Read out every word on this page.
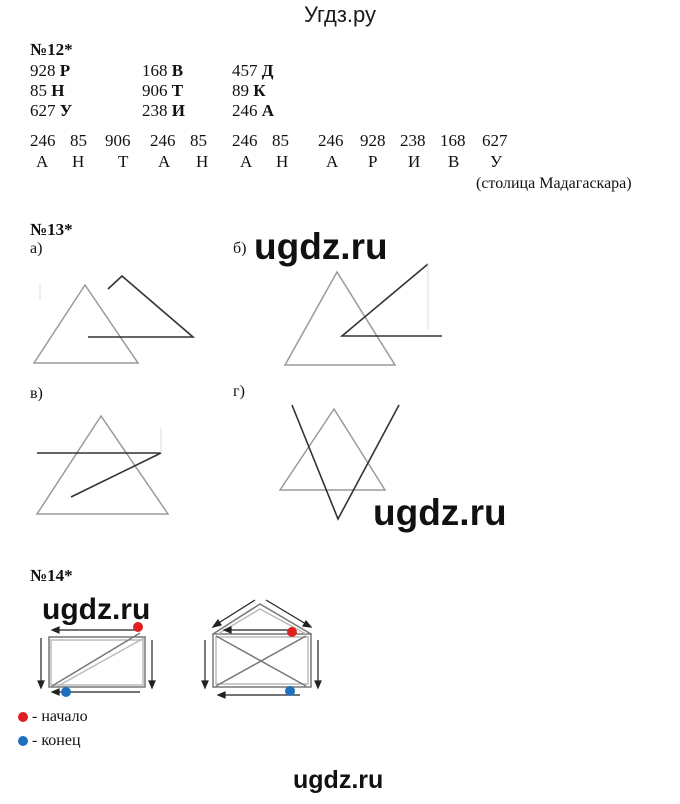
Угдз.ру
№12*
928 Р	168 В	457 Д
85 Н	906 Т	89 К
627 У	238 И	246 А
246 85 906 246 85 246 85 246 928 238 168 627
А Н Т А Н А Н А Р И В У
(столица Мадагаскара)
№13*
а)	б)
в)	г)
№14*
- начало
- конец
ugdz.ru
ugdz.ru
ugdz.ru
ugdz.ru
